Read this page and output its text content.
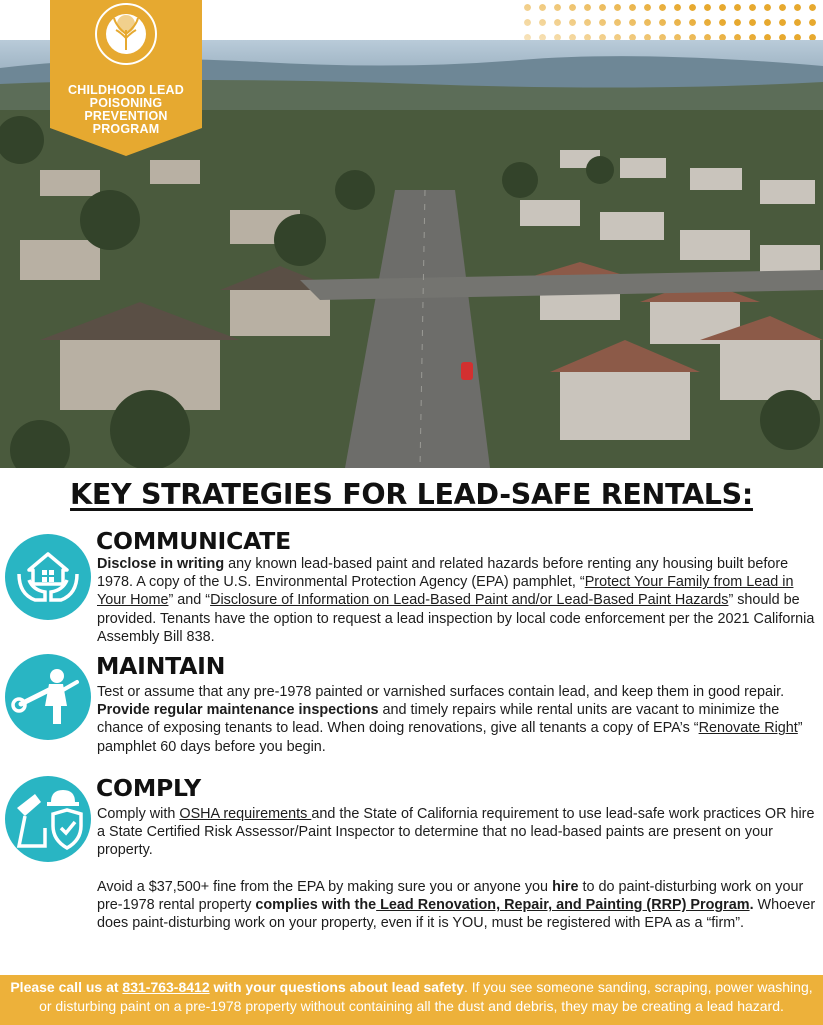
CHILDHOOD LEAD
POISONING
PREVENTION PROGRAM
KEY STRATEGIES FOR LEAD-SAFE RENTALS:
COMMUNICATE

Disclose in writing any known lead-based paint and related hazards before renting any housing built before 1978. A copy of the U.S. Environmental Protection Agency (EPA) pamphlet, “Protect Your Family from Lead in Your Home” and “Disclosure of Information on Lead-Based Paint and/or Lead-Based Paint Hazards” should be provided. Tenants have the option to request a lead inspection by local code enforcement per the 2021 California Assembly Bill 838.

MAINTAIN

Test or assume that any pre-1978 painted or varnished surfaces contain lead, and keep them in good repair. Provide regular maintenance inspections and timely repairs while rental units are vacant to minimize the chance of exposing tenants to lead. When doing renovations, give all tenants a copy of EPA’s “Renovate Right” pamphlet 60 days before you begin.

COMPLY

Comply with OSHA requirements and the State of California requirement to use lead-safe work practices OR hire a State Certified Risk Assessor/Paint Inspector to determine that no lead-based paints are present on your property.

Avoid a $37,500+ fine from the EPA by making sure you or anyone you hire to do paint-disturbing work on your pre-1978 rental property complies with the Lead Renovation, Repair, and Painting (RRP) Program. Whoever does paint-disturbing work on your property, even if it is YOU, must be registered with EPA as a “firm”.

Please call us at 831-763-8412 with your questions about lead safety. If you see someone sanding, scraping, power washing, or disturbing paint on a pre-1978 property without containing all the dust and debris, they may be creating a lead hazard.
